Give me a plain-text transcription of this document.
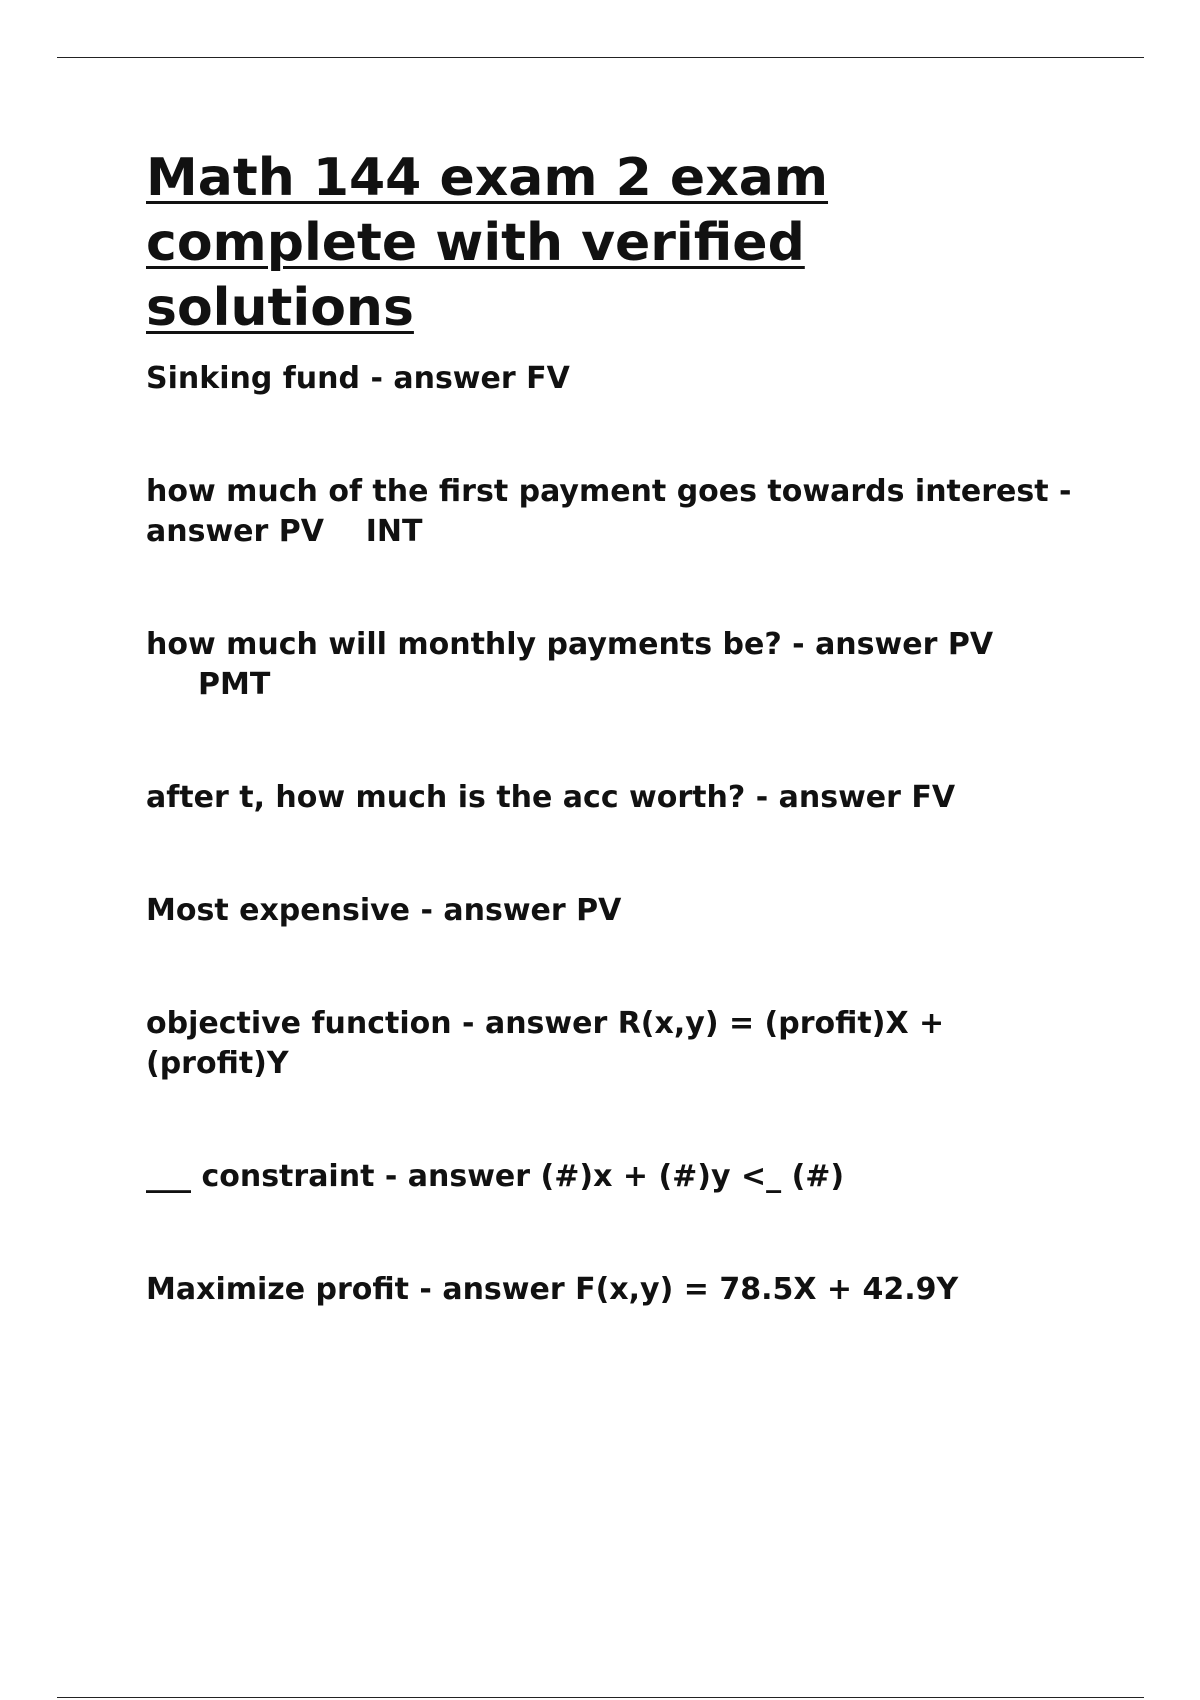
Math 144 exam 2 exam complete with verified solutions
Sinking fund - answer FV
how much of the first payment goes towards interest - answer PV    INT
how much will monthly payments be? - answer PV
PMT
after t, how much is the acc worth? - answer FV
Most expensive - answer PV
objective function - answer R(x,y) = (profit)X + (profit)Y
___ constraint - answer (#)x + (#)y <_ (#)
Maximize profit - answer F(x,y) = 78.5X + 42.9Y
